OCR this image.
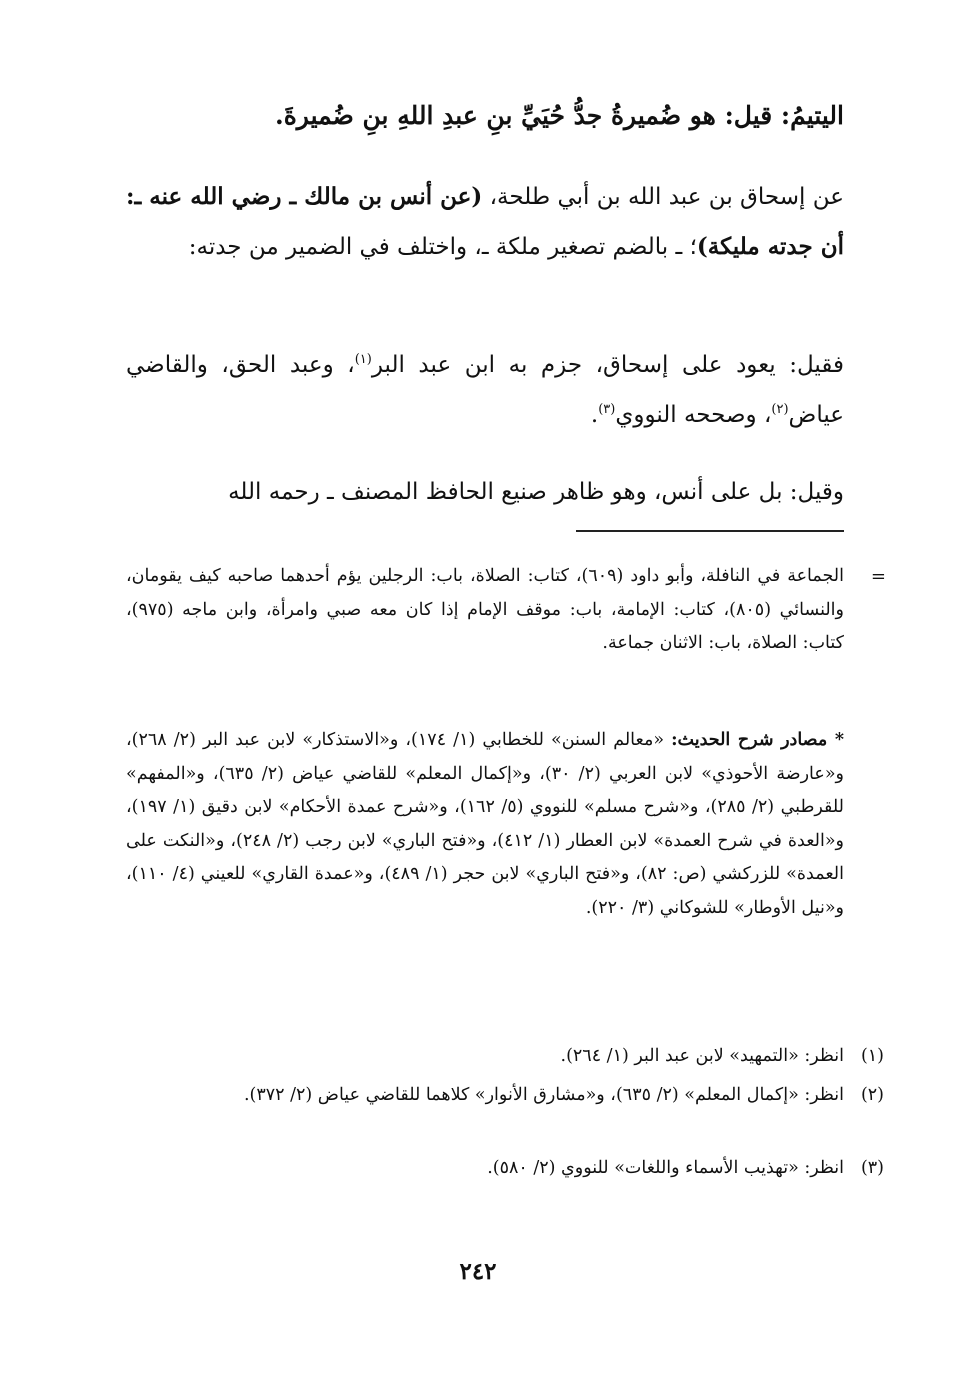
اليتيمُ: قيل: هو ضُميرةُ جدُّ حُيَيِّ بنِ عبدِ اللهِ بنِ ضُميرةَ.
عن إسحاق بن عبد الله بن أبي طلحة، (عن أنس بن مالك ـ رضي الله عنه ـ: أن جدته مليكة)؛ ـ بالضم تصغير ملكة ـ، واختلف في الضمير من جدته:
فقيل: يعود على إسحاق، جزم به ابن عبد البر$^{(١)}$، وعبد الحق، والقاضي عياض$^{(٢)}$، وصححه النووي$^{(٣)}$.
وقيل: بل على أنس، وهو ظاهر صنيع الحافظ المصنف ـ رحمه الله
=
الجماعة في النافلة، وأبو داود (٦٠٩)، كتاب: الصلاة، باب: الرجلين يؤم أحدهما صاحبه كيف يقومان، والنسائي (٨٠٥)، كتاب: الإمامة، باب: موقف الإمام إذا كان معه صبي وامرأة، وابن ماجه (٩٧٥)، كتاب: الصلاة، باب: الاثنان جماعة.
* مصادر شرح الحديث: «معالم السنن» للخطابي (١/ ١٧٤)، و«الاستذكار» لابن عبد البر (٢/ ٢٦٨)، و«عارضة الأحوذي» لابن العربي (٢/ ٣٠)، و«إكمال المعلم» للقاضي عياض (٢/ ٦٣٥)، و«المفهم» للقرطبي (٢/ ٢٨٥)، و«شرح مسلم» للنووي (٥/ ١٦٢)، و«شرح عمدة الأحكام» لابن دقيق (١/ ١٩٧)، و«العدة في شرح العمدة» لابن العطار (١/ ٤١٢)، و«فتح الباري» لابن رجب (٢/ ٢٤٨)، و«النكت على العمدة» للزركشي (ص: ٨٢)، و«فتح الباري» لابن حجر (١/ ٤٨٩)، و«عمدة القاري» للعيني (٤/ ١١٠)، و«نيل الأوطار» للشوكاني (٣/ ٢٢٠).
(١)
انظر: «التمهيد» لابن عبد البر (١/ ٢٦٤).
(٢)
انظر: «إكمال المعلم» (٢/ ٦٣٥)، و«مشارق الأنوار» كلاهما للقاضي عياض (٢/ ٣٧٢).
(٣)
انظر: «تهذيب الأسماء واللغات» للنووي (٢/ ٥٨٠).
٢٤٢
